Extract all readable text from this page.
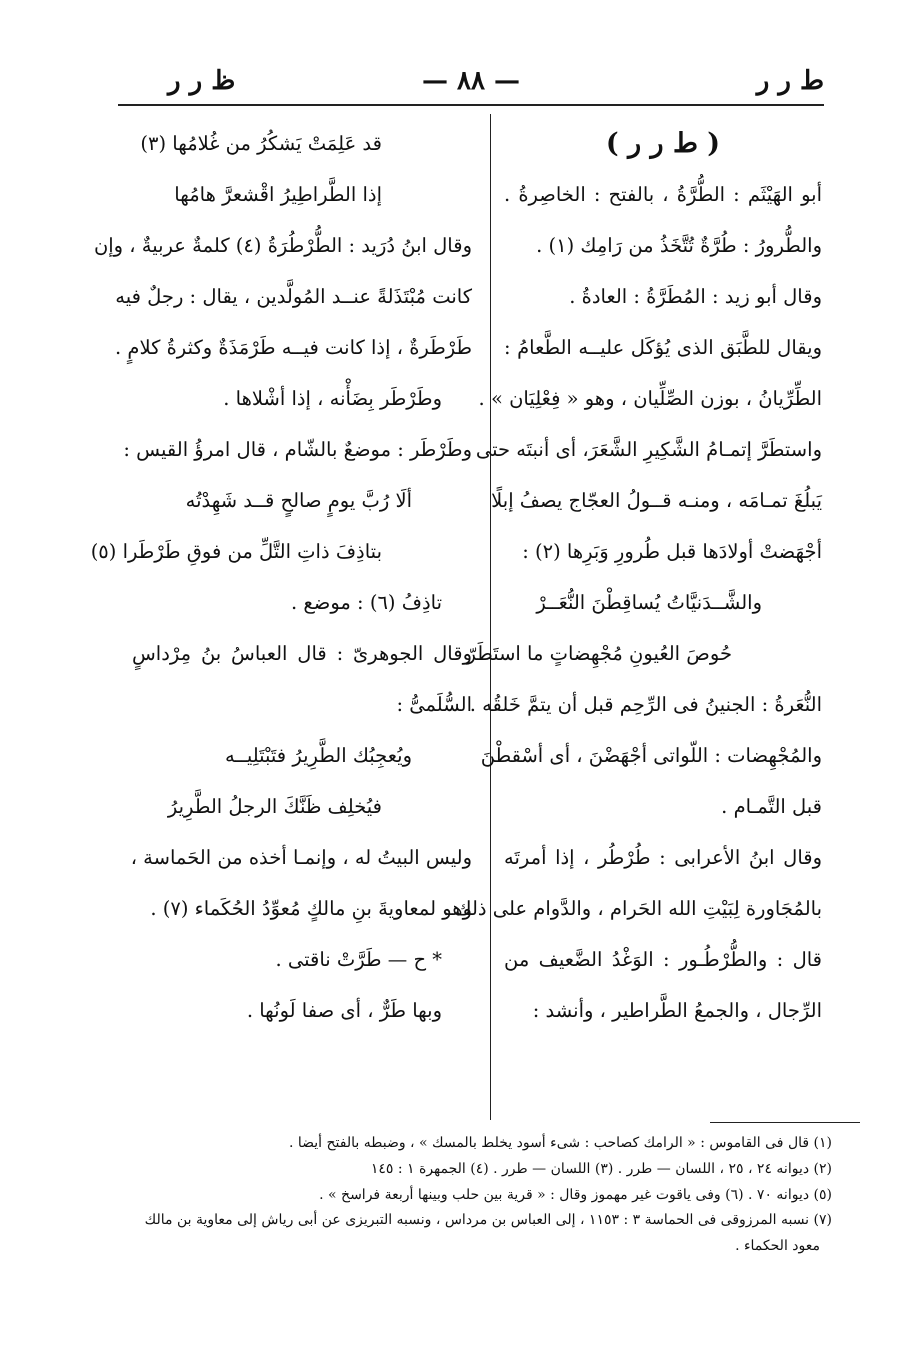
ط ر ر
— ٨٨ —
ظ ر ر
( ط ر ر )
أبو الهَيْثَم : الطُّرَّةُ ، بالفتح : الخاصِرةُ .
والطُّرورُ : طُرَّةٌ تُتَّخَذُ من رَامِك (١) .
وقال أبو زيد : المُطَرَّةُ : العادةُ .
ويقال للطَّبَق الذى يُؤكَل عليــه الطَّعامُ :
الطِّرِّيانُ ، بوزن الصِّلِّيان ، وهو « فِعْلِيَان » .
واستطَرَّ إتمـامُ الشَّكِيرِ الشَّعَرَ، أى أنبتَه حتى
يَبلُغَ تمـامَه ، ومنـه قــولُ العجّاج يصفُ إبلًا
أجْهَضتْ أولادَها قبل طُرورِ وَبَرِها (٢) :
والشَّــدَنيَّاتُ يُساقِطْنَ النُّعَــرْ
حُوصَ العُيونِ مُجْهِضاتٍ ما استَطَرّ
النُّعَرةُ : الجنينُ فى الرِّحِم قبل أن يتمَّ خَلقُه .
والمُجْهِضات : اللّواتى أجْهَضْنَ ، أى أسْقطْنَ
قبل التَّمـام .
وقال ابنُ الأعرابى : طُرْطُر ، إذا أمرتَه
بالمُجَاورة لِبَيْتِ الله الحَرام ، والدَّوام على ذلك .
قال : والطُّرْطُـور : الوَغْدُ الضَّعيف من
الرِّجال ، والجمعُ الطَّراطير ، وأنشد :
قد عَلِمَتْ يَشكُرُ من غُلامُها (٣)
إذا الطَّراطِيرُ اقْشعرَّ هامُها
وقال ابنُ دُرَيد : الطُّرْطُرَةُ (٤) كلمةٌ عربيةٌ ، وإن
كانت مُبْتَذَلةً عنــد المُولَّدين ، يقال : رجلٌ فيه
طَرْطَرةٌ ، إذا كانت فيــه طَرْمَذَةٌ وكثرةُ كلامٍ .
وطَرْطَر بِضَأْنه ، إذا أشْلاها .
وطَرْطَر : موضعٌ بالشّام ، قال امرؤُ القيس :
ألَا رُبَّ يومٍ صالحٍ قــد شَهِدْتُه
بتاذِفَ ذاتِ التَّلِّ من فوقِ طَرْطَرا (٥)
تاذِفُ (٦) : موضع .
وقال الجوهرىّ : قال العباسُ بنُ مِرْداسٍ
السُّلَمىُّ :
ويُعجِبُك الطَّرِيرُ فتَبْتَلِيــه
فيُخلِف ظَنَّكَ الرجلُ الطَّرِيرُ
وليس البيتُ له ، وإنمـا أخذه من الحَماسة ،
وهو لمعاويةَ بنِ مالكٍ مُعوِّدُ الحُكَماء (٧) .
* ح — طَرَّتْ ناقتى .
وبها طَرٌّ ، أى صفا لَونُها .
(١) قال فى القاموس : « الرامك كصاحب : شىء أسود يخلط بالمسك » ، وضبطه بالفتح أيضا .
(٢) ديوانه ٢٤ ، ٢٥ ، اللسان — طرر . (٣) اللسان — طرر . (٤) الجمهرة ١ : ١٤٥
(٥) ديوانه ٧٠ . (٦) وفى ياقوت غير مهموز وقال : « قرية بين حلب وبينها أربعة فراسخ » .
(٧) نسبه المرزوقى فى الحماسة ٣ : ١١٥٣ ، إلى العباس بن مرداس ، ونسبه التبريزى عن أبى رياش إلى معاوية بن مالك
معود الحكماء .
